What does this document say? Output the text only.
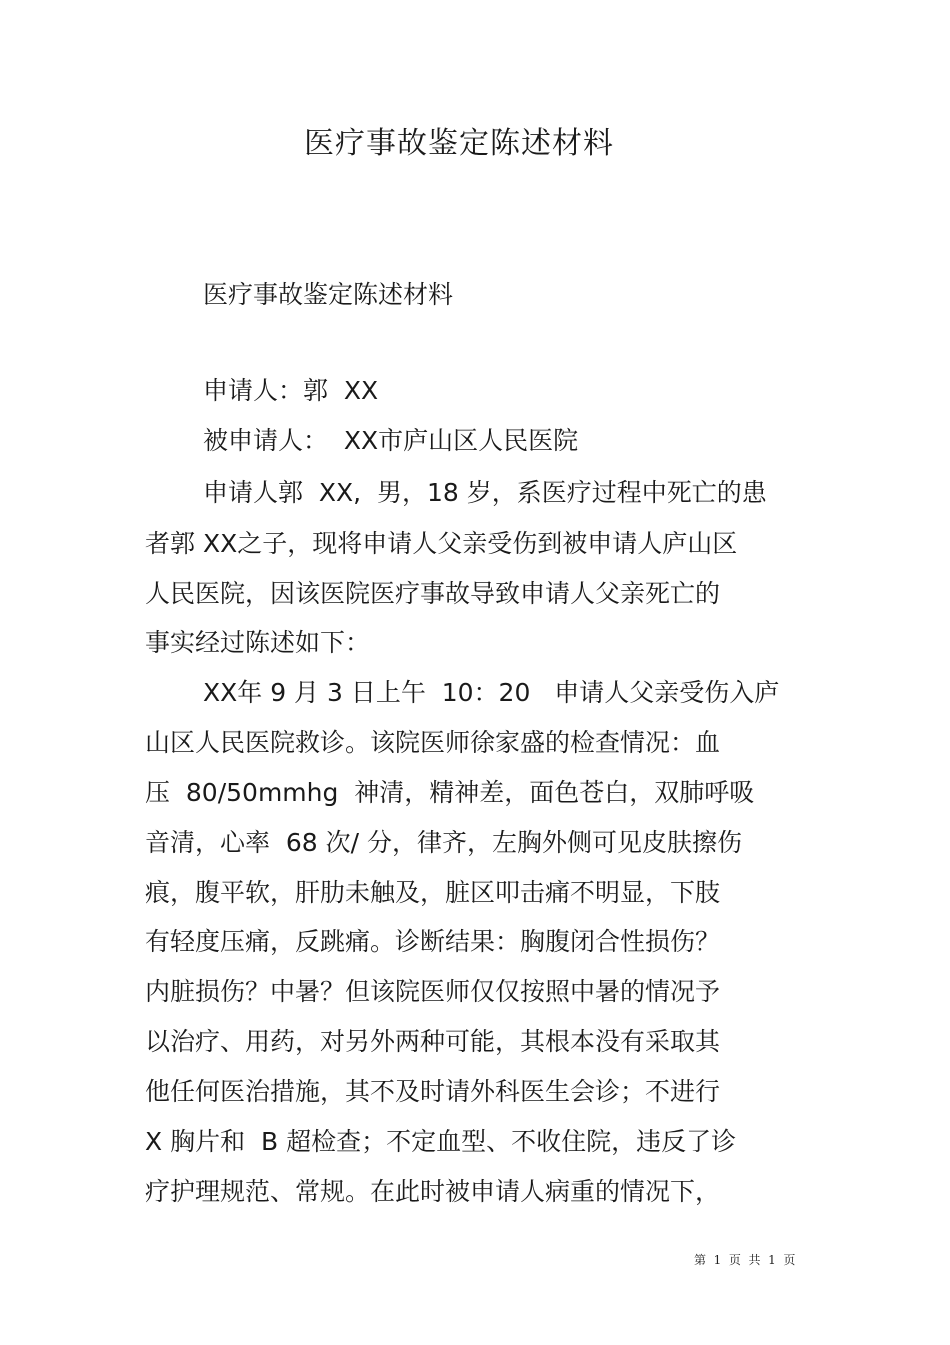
医疗事故鉴定陈述材料
医疗事故鉴定陈述材料
申请人：郭  XX
被申请人：  XX市庐山区人民医院
申请人郭  XX,  男，18 岁，系医疗过程中死亡的患
者郭 XX之子，现将申请人父亲受伤到被申请人庐山区
人民医院，因该医院医疗事故导致申请人父亲死亡的
事实经过陈述如下：
XX年 9 月 3 日上午  10：20   申请人父亲受伤入庐
山区人民医院救诊。该院医师徐家盛的检查情况：血
压  80/50mmhg  神清，精神差，面色苍白，双肺呼吸
音清，心率  68 次/ 分，律齐，左胸外侧可见皮肤擦伤
痕，腹平软，肝肋未触及，脏区叩击痛不明显，下肢
有轻度压痛，反跳痛。诊断结果：胸腹闭合性损伤？
内脏损伤？中暑？但该院医师仅仅按照中暑的情况予
以治疗、用药，对另外两种可能，其根本没有采取其
他任何医治措施，其不及时请外科医生会诊；不进行
X 胸片和  B 超检查；不定血型、不收住院，违反了诊
疗护理规范、常规。在此时被申请人病重的情况下，
第  1  页  共  1  页
